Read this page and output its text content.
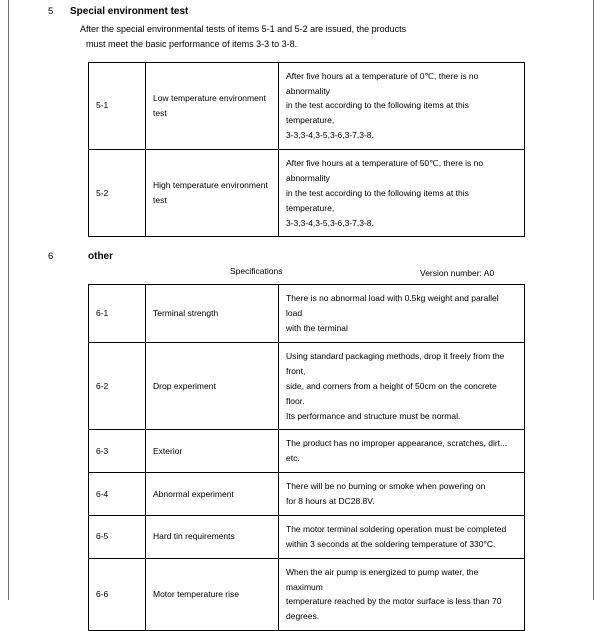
5 Special environment test
After the special environmental tests of items 5-1 and 5-2 are issued, the products
must meet the basic performance of items 3-3 to 3-8.
5-1	Low temperature environment test	After five hours at a temperature of 0℃, there is no abnormality
in the test according to the following items at this temperature,
3-3,3-4,3-5,3-6,3-7,3-8.

5-2	High temperature environment test	After five hours at a temperature of 50℃, there is no abnormality
in the test according to the following items at this temperature,
3-3,3-4,3-5,3-6,3-7,3-8.
6	other
Specifications	Version number: A0
6-1	Terminal strength	There is no abnormal load with 0.5kg weight and parallel load
with the terminal

6-2	Drop experiment	Using standard packaging methods, drop it freely from the front,
side, and corners from a height of 50cm on the concrete floor.
Its performance and structure must be normal.

6-3	Exterior	The product has no improper appearance, scratches, dirt... etc.

6-4	Abnormal experiment	There will be no burning or smoke when powering on
for 8 hours at DC28.8V.

6-5	Hard tin requirements	The motor terminal soldering operation must be completed
within 3 seconds at the soldering temperature of 330°C.

6-6	Motor temperature rise	When the air pump is energized to pump water, the maximum
temperature reached by the motor surface is less than 70 degrees.
